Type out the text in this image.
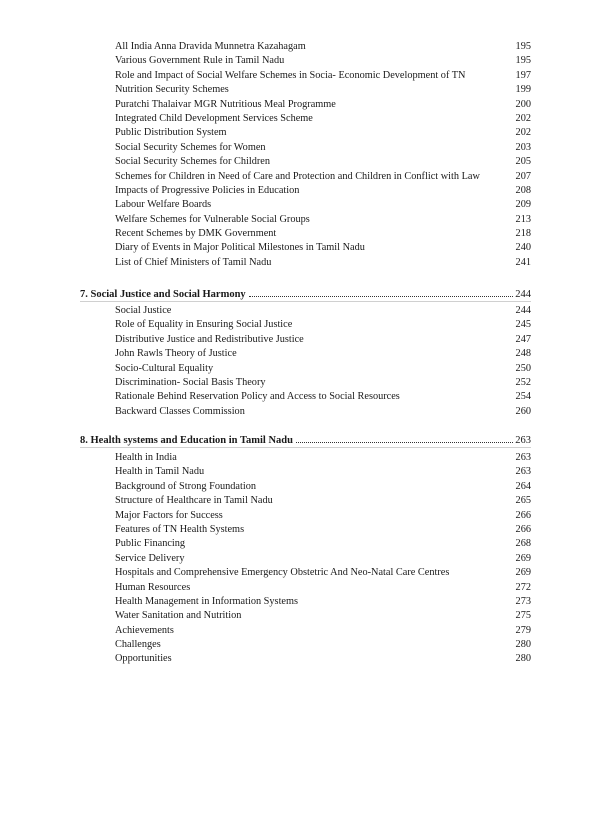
All India Anna Dravida Munnetra Kazahagam	195
Various Government Rule in Tamil Nadu	195
Role and Impact of Social Welfare Schemes in Socia- Economic Development of TN	197
Nutrition Security Schemes	199
Puratchi Thalaivar MGR Nutritious Meal Programme	200
Integrated Child Development Services Scheme	202
Public Distribution System	202
Social Security Schemes for Women	203
Social Security Schemes for Children	205
Schemes for Children in Need of Care and Protection and Children in Conflict with Law	207
Impacts of Progressive Policies in Education	208
Labour Welfare Boards	209
Welfare Schemes for Vulnerable Social Groups	213
Recent Schemes by DMK Government	218
Diary of Events in Major Political Milestones in Tamil Nadu	240
List of Chief Ministers of Tamil Nadu	241
7. Social Justice and Social Harmony	244
Social Justice	244
Role of Equality in Ensuring Social Justice	245
Distributive Justice and Redistributive Justice	247
John Rawls Theory of Justice	248
Socio-Cultural Equality	250
Discrimination- Social Basis Theory	252
Rationale Behind Reservation Policy and Access to Social Resources	254
Backward Classes Commission	260
8. Health systems and Education in Tamil Nadu	263
Health in India	263
Health in Tamil Nadu	263
Background of Strong Foundation	264
Structure of Healthcare in Tamil Nadu	265
Major Factors for Success	266
Features of TN Health Systems	266
Public Financing	268
Service Delivery	269
Hospitals and Comprehensive Emergency Obstetric And Neo-Natal Care Centres	269
Human Resources	272
Health Management in Information Systems	273
Water Sanitation and Nutrition	275
Achievements	279
Challenges	280
Opportunities	280
